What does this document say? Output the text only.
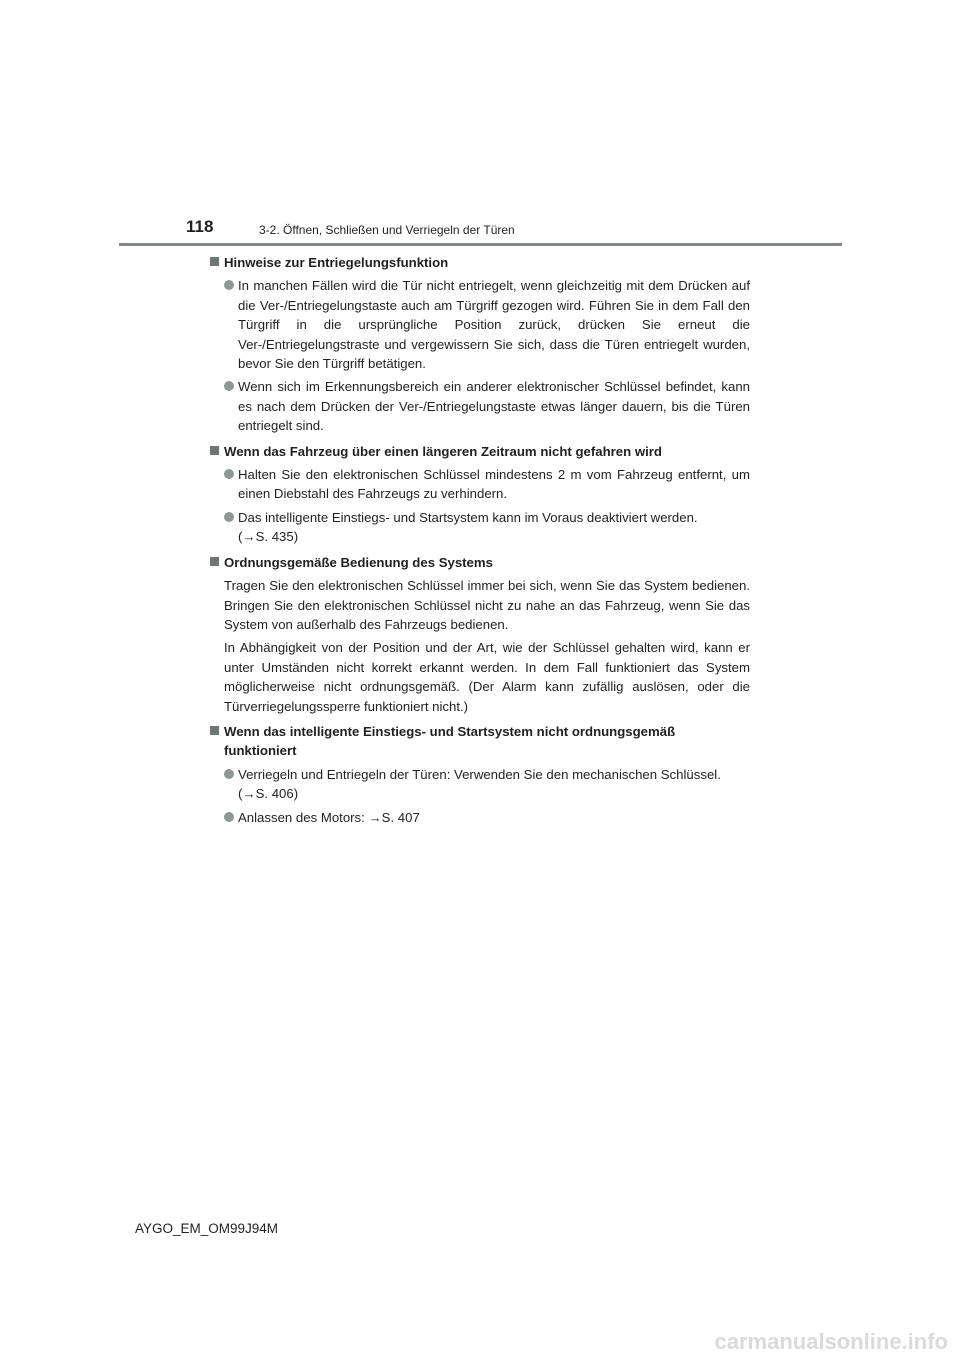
118	3-2. Öffnen, Schließen und Verriegeln der Türen
Hinweise zur Entriegelungsfunktion
In manchen Fällen wird die Tür nicht entriegelt, wenn gleichzeitig mit dem Drücken auf die Ver-/Entriegelungstaste auch am Türgriff gezogen wird. Führen Sie in dem Fall den Türgriff in die ursprüngliche Position zurück, drücken Sie erneut die Ver-/Entriegelungstraste und vergewissern Sie sich, dass die Türen entriegelt wurden, bevor Sie den Türgriff betätigen.
Wenn sich im Erkennungsbereich ein anderer elektronischer Schlüssel befindet, kann es nach dem Drücken der Ver-/Entriegelungstaste etwas länger dauern, bis die Türen entriegelt sind.
Wenn das Fahrzeug über einen längeren Zeitraum nicht gefahren wird
Halten Sie den elektronischen Schlüssel mindestens 2 m vom Fahrzeug entfernt, um einen Diebstahl des Fahrzeugs zu verhindern.
Das intelligente Einstiegs- und Startsystem kann im Voraus deaktiviert werden.
(→S. 435)
Ordnungsgemäße Bedienung des Systems
Tragen Sie den elektronischen Schlüssel immer bei sich, wenn Sie das System bedienen. Bringen Sie den elektronischen Schlüssel nicht zu nahe an das Fahrzeug, wenn Sie das System von außerhalb des Fahrzeugs bedienen.
In Abhängigkeit von der Position und der Art, wie der Schlüssel gehalten wird, kann er unter Umständen nicht korrekt erkannt werden. In dem Fall funktioniert das System möglicherweise nicht ordnungsgemäß. (Der Alarm kann zufällig auslösen, oder die Türverriegelungssperre funktioniert nicht.)
Wenn das intelligente Einstiegs- und Startsystem nicht ordnungsgemäß funktioniert
Verriegeln und Entriegeln der Türen: Verwenden Sie den mechanischen Schlüssel.
(→S. 406)
Anlassen des Motors: →S. 407
AYGO_EM_OM99J94M
carmanualsonline.info
